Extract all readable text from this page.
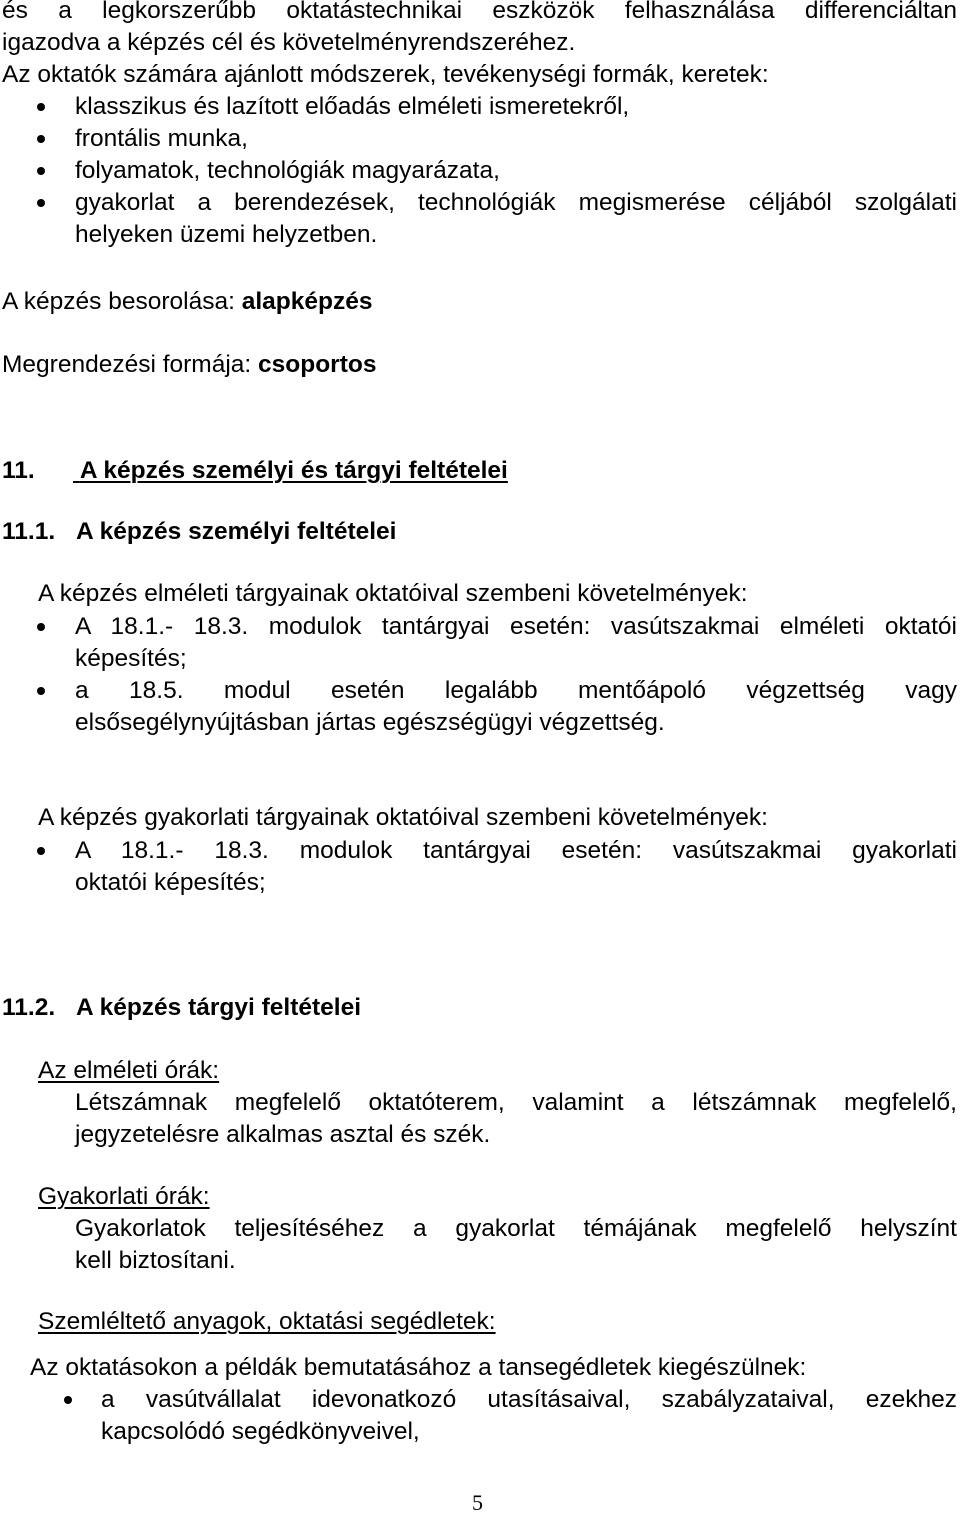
és a legkorszerűbb oktatástechnikai eszközök felhasználása differenciáltan
igazodva a képzés cél és követelményrendszeréhez.
Az oktatók számára ajánlott módszerek, tevékenységi formák, keretek:
klasszikus és lazított előadás elméleti ismeretekről,
frontális munka,
folyamatok, technológiák magyarázata,
gyakorlat a berendezések, technológiák megismerése céljából szolgálati
helyeken üzemi helyzetben.
A képzés besorolása: alapképzés
Megrendezési formája: csoportos
11. A képzés személyi és tárgyi feltételei
11.1. A képzés személyi feltételei
A képzés elméleti tárgyainak oktatóival szembeni követelmények:
A 18.1.- 18.3. modulok tantárgyai esetén: vasútszakmai elméleti oktatói
képesítés;
a 18.5. modul esetén legalább mentőápoló végzettség vagy
elsősegélynyújtásban jártas egészségügyi végzettség.
A képzés gyakorlati tárgyainak oktatóival szembeni követelmények:
A 18.1.- 18.3. modulok tantárgyai esetén: vasútszakmai gyakorlati
oktatói képesítés;
11.2. A képzés tárgyi feltételei
Az elméleti órák:
Létszámnak megfelelő oktatóterem, valamint a létszámnak megfelelő,
jegyzetelésre alkalmas asztal és szék.
Gyakorlati órák:
Gyakorlatok teljesítéséhez a gyakorlat témájának megfelelő helyszínt
kell biztosítani.
Szemléltető anyagok, oktatási segédletek:
Az oktatásokon a példák bemutatásához a tansegédletek kiegészülnek:
a vasútvállalat idevonatkozó utasításaival, szabályzataival, ezekhez
kapcsolódó segédkönyveivel,
5
